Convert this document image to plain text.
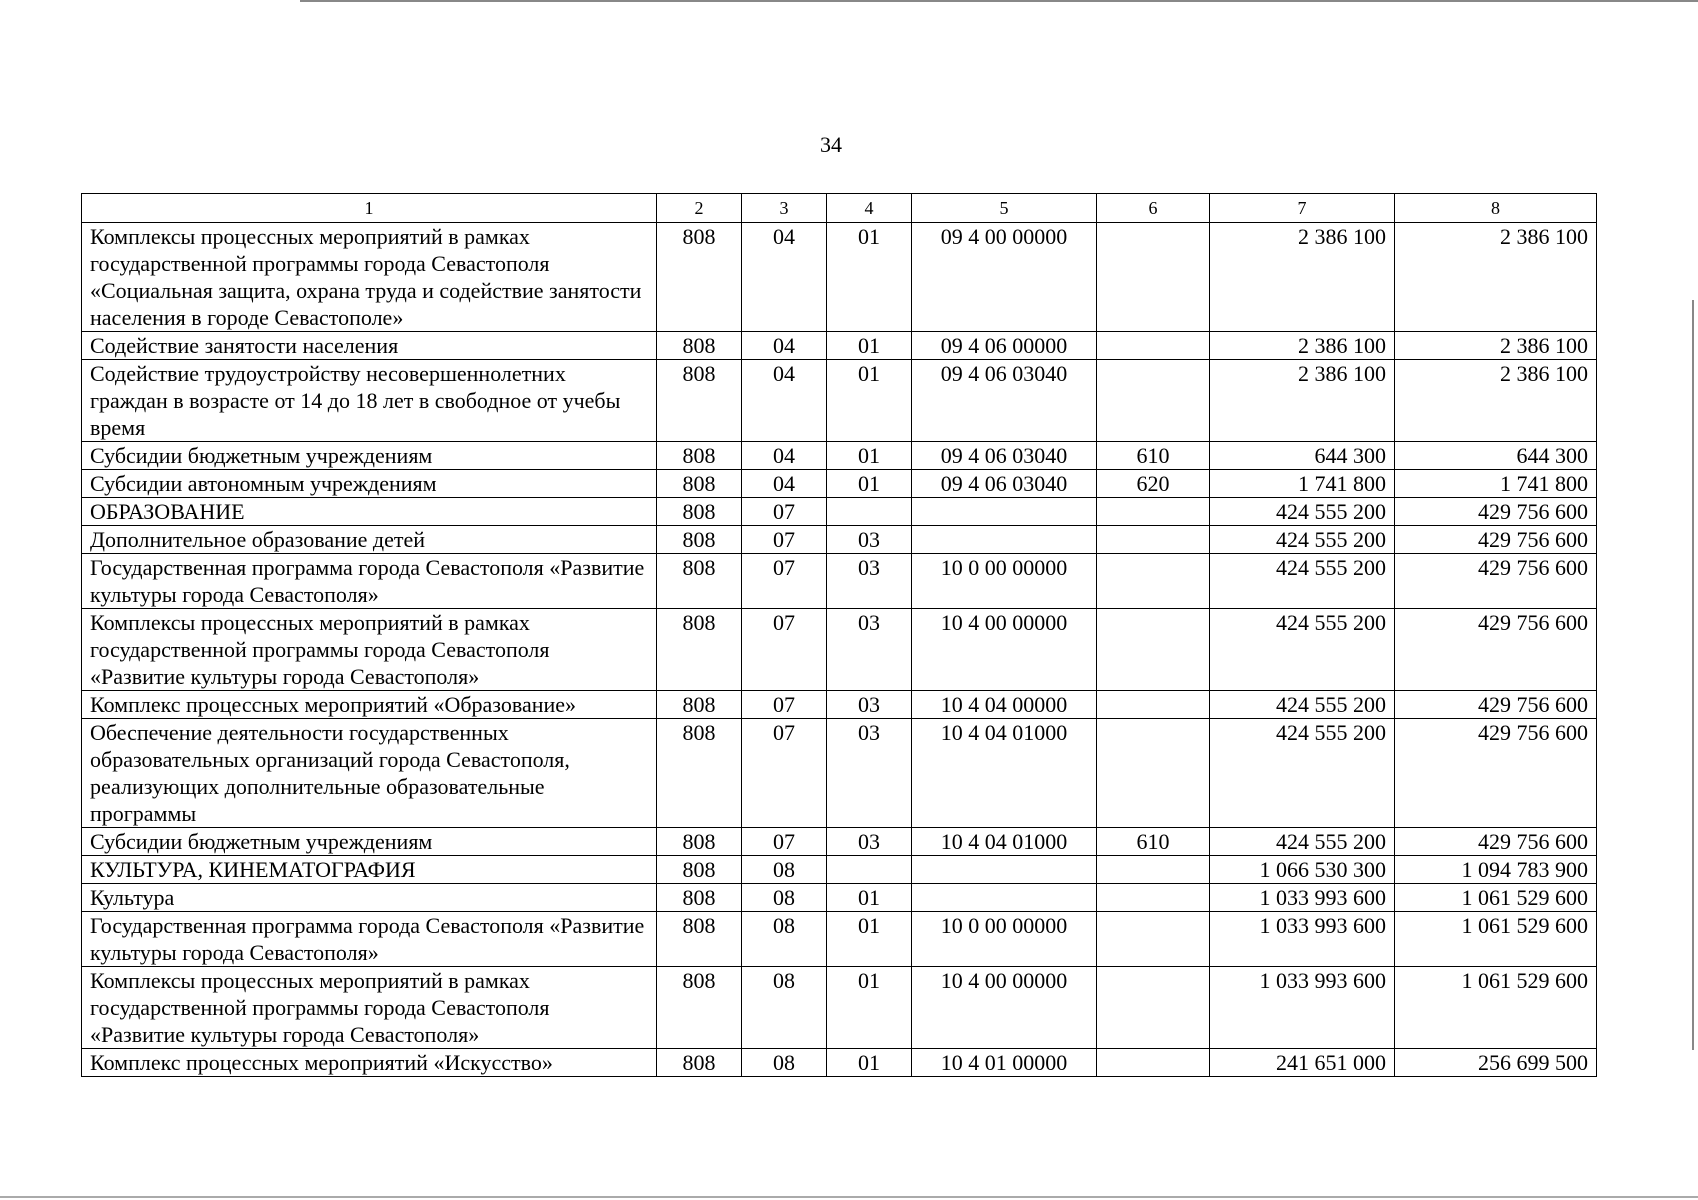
34
1	2	3	4	5	6	7	8
Комплексы процессных мероприятий в рамках государственной программы города Севастополя «Социальная защита, охрана труда и содействие занятости населения в городе Севастополе»	808	04	01	09 4 00 00000		2 386 100	2 386 100
Содействие занятости населения	808	04	01	09 4 06 00000		2 386 100	2 386 100
Содействие трудоустройству несовершеннолетних граждан в возрасте от 14 до 18 лет в свободное от учебы время	808	04	01	09 4 06 03040		2 386 100	2 386 100
Субсидии бюджетным учреждениям	808	04	01	09 4 06 03040	610	644 300	644 300
Субсидии автономным учреждениям	808	04	01	09 4 06 03040	620	1 741 800	1 741 800
ОБРАЗОВАНИЕ	808	07				424 555 200	429 756 600
Дополнительное образование детей	808	07	03			424 555 200	429 756 600
Государственная программа города Севастополя «Развитие культуры города Севастополя»	808	07	03	10 0 00 00000		424 555 200	429 756 600
Комплексы процессных мероприятий в рамках государственной программы города Севастополя «Развитие культуры города Севастополя»	808	07	03	10 4 00 00000		424 555 200	429 756 600
Комплекс процессных мероприятий «Образование»	808	07	03	10 4 04 00000		424 555 200	429 756 600
Обеспечение деятельности государственных образовательных организаций города Севастополя, реализующих дополнительные образовательные программы	808	07	03	10 4 04 01000		424 555 200	429 756 600
Субсидии бюджетным учреждениям	808	07	03	10 4 04 01000	610	424 555 200	429 756 600
КУЛЬТУРА, КИНЕМАТОГРАФИЯ	808	08				1 066 530 300	1 094 783 900
Культура	808	08	01			1 033 993 600	1 061 529 600
Государственная программа города Севастополя «Развитие культуры города Севастополя»	808	08	01	10 0 00 00000		1 033 993 600	1 061 529 600
Комплексы процессных мероприятий в рамках государственной программы города Севастополя «Развитие культуры города Севастополя»	808	08	01	10 4 00 00000		1 033 993 600	1 061 529 600
Комплекс процессных мероприятий «Искусство»	808	08	01	10 4 01 00000		241 651 000	256 699 500
